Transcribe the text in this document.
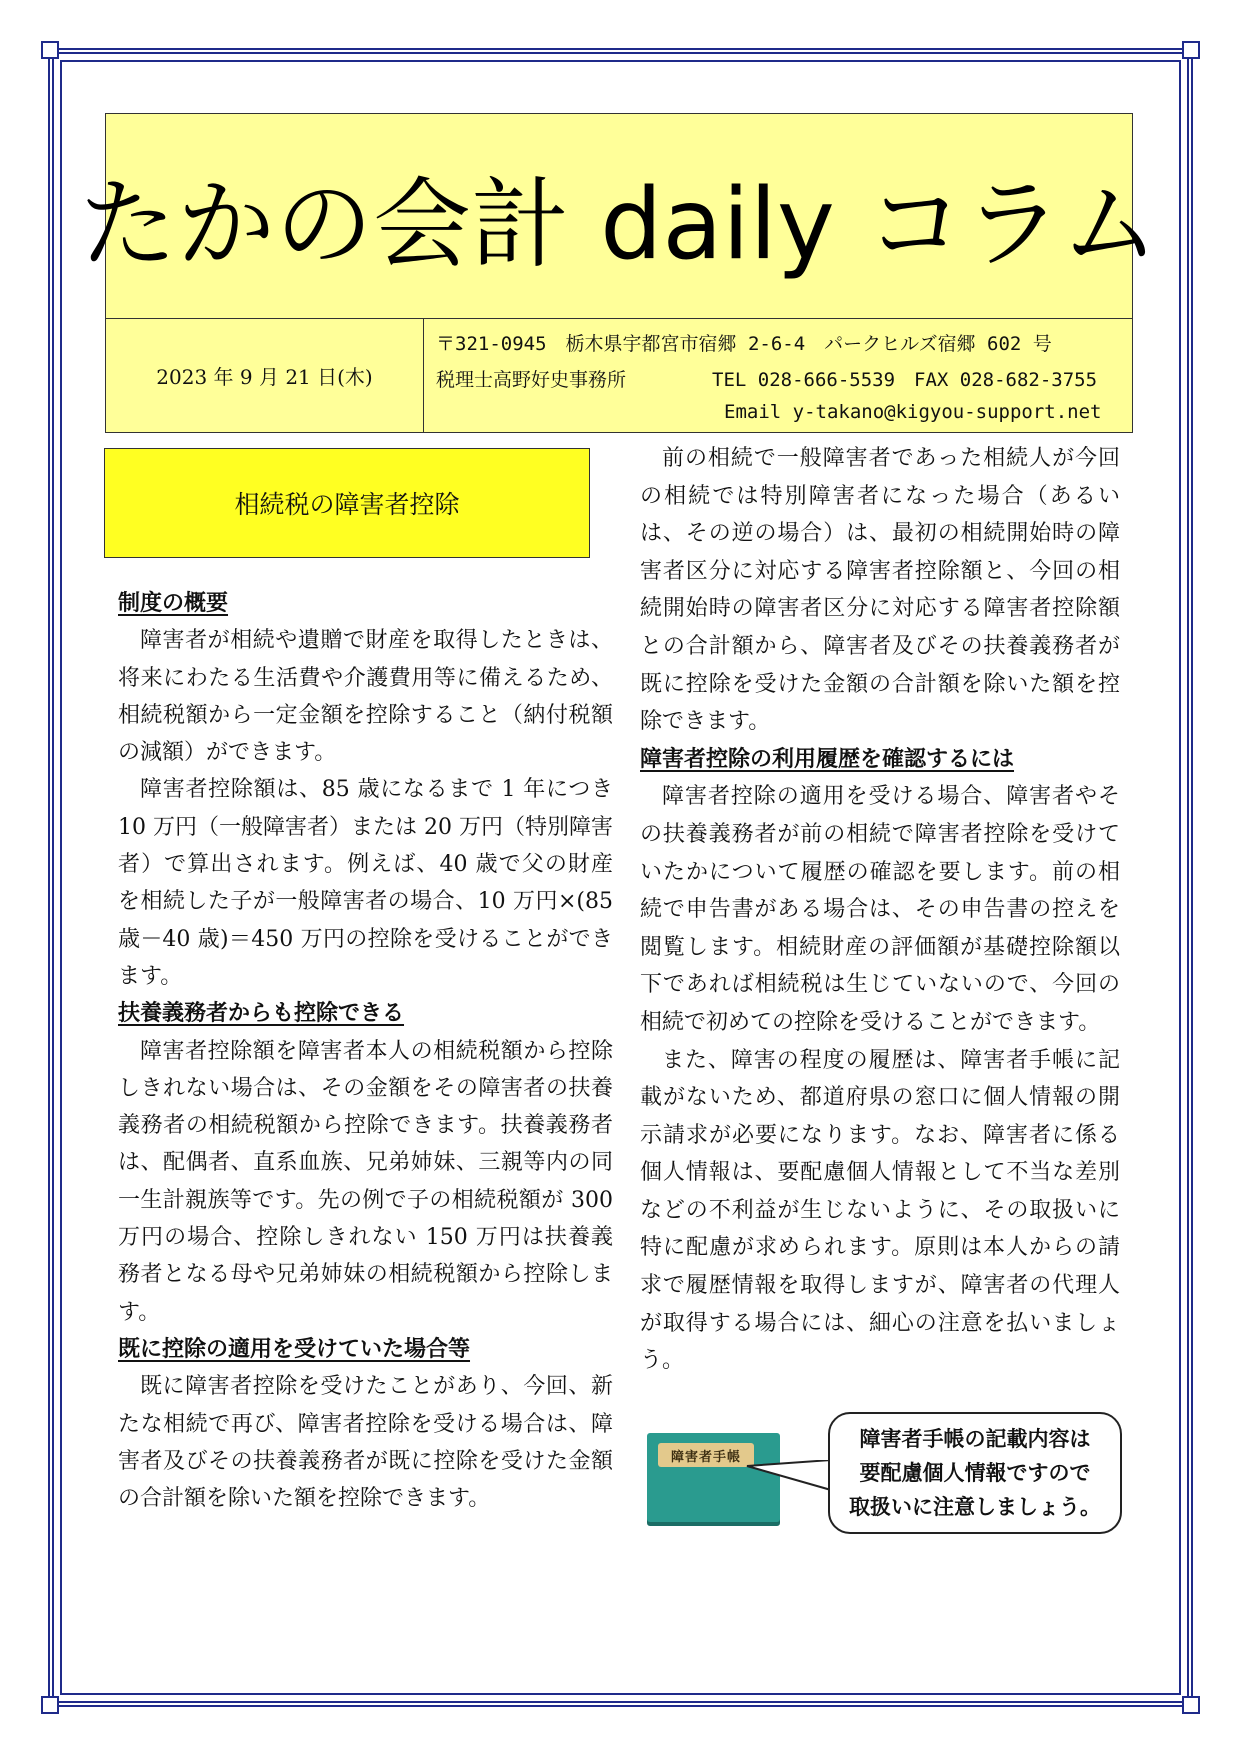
たかの会計 daily コラム
2023 年 9 月 21 日(木)
〒321-0945　栃木県宇都宮市宿郷 2-6-4　パークヒルズ宿郷 602 号
税理士高野好史事務所	TEL 028-666-5539　FAX 028-682-3755
Email y-takano@kigyou-support.net
相続税の障害者控除
制度の概要

障害者が相続や遺贈で財産を取得したときは、将来にわたる生活費や介護費用等に備えるため、相続税額から一定金額を控除すること（納付税額の減額）ができます。

障害者控除額は、85 歳になるまで 1 年につき 10 万円（一般障害者）または 20 万円（特別障害者）で算出されます。例えば、40 歳で父の財産を相続した子が一般障害者の場合、10 万円×(85 歳－40 歳)＝450 万円の控除を受けることができます。

扶養義務者からも控除できる

障害者控除額を障害者本人の相続税額から控除しきれない場合は、その金額をその障害者の扶養義務者の相続税額から控除できます。扶養義務者は、配偶者、直系血族、兄弟姉妹、三親等内の同一生計親族等です。先の例で子の相続税額が 300 万円の場合、控除しきれない 150 万円は扶養義務者となる母や兄弟姉妹の相続税額から控除します。

既に控除の適用を受けていた場合等

既に障害者控除を受けたことがあり、今回、新たな相続で再び、障害者控除を受ける場合は、障害者及びその扶養義務者が既に控除を受けた金額の合計額を除いた額を控除できます。

前の相続で一般障害者であった相続人が今回の相続では特別障害者になった場合（あるいは、その逆の場合）は、最初の相続開始時の障害者区分に対応する障害者控除額と、今回の相続開始時の障害者区分に対応する障害者控除額との合計額から、障害者及びその扶養義務者が既に控除を受けた金額の合計額を除いた額を控除できます。

障害者控除の利用履歴を確認するには

障害者控除の適用を受ける場合、障害者やその扶養義務者が前の相続で障害者控除を受けていたかについて履歴の確認を要します。前の相続で申告書がある場合は、その申告書の控えを閲覧します。相続財産の評価額が基礎控除額以下であれば相続税は生じていないので、今回の相続で初めての控除を受けることができます。

また、障害の程度の履歴は、障害者手帳に記載がないため、都道府県の窓口に個人情報の開示請求が必要になります。なお、障害者に係る個人情報は、要配慮個人情報として不当な差別などの不利益が生じないように、その取扱いに特に配慮が求められます。原則は本人からの請求で履歴情報を取得しますが、障害者の代理人が取得する場合には、細心の注意を払いましょう。

障害者手帳
障害者手帳の記載内容は
要配慮個人情報ですので
取扱いに注意しましょう。
